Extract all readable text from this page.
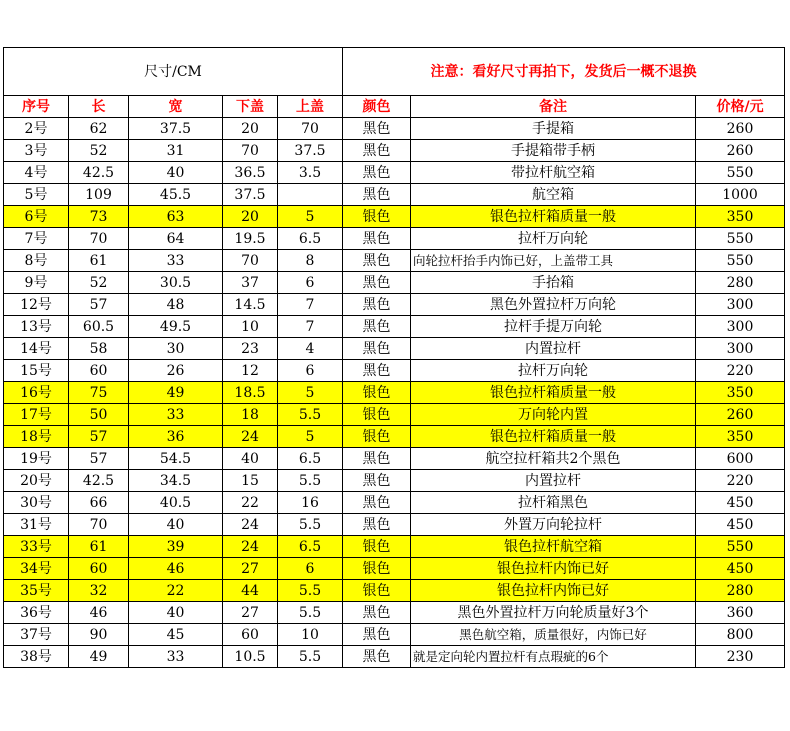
尺寸/CM					注意：看好尺寸再拍下，发货后一概不退换		
序号	长	宽	下盖	上盖	颜色	备注	价格/元
2号	62	37.5	20	70	黑色	手提箱	260
3号	52	31	70	37.5	黑色	手提箱带手柄	260
4号	42.5	40	36.5	3.5	黑色	带拉杆航空箱	550
5号	109	45.5	37.5		黑色	航空箱	1000
6号	73	63	20	5	银色	银色拉杆箱质量一般	350
7号	70	64	19.5	6.5	黑色	拉杆万向轮	550
8号	61	33	70	8	黑色	向轮拉杆抬手内饰已好，上盖带工具	550
9号	52	30.5	37	6	黑色	手抬箱	280
12号	57	48	14.5	7	黑色	黑色外置拉杆万向轮	300
13号	60.5	49.5	10	7	黑色	拉杆手提万向轮	300
14号	58	30	23	4	黑色	内置拉杆	300
15号	60	26	12	6	黑色	拉杆万向轮	220
16号	75	49	18.5	5	银色	银色拉杆箱质量一般	350
17号	50	33	18	5.5	银色	万向轮内置	260
18号	57	36	24	5	银色	银色拉杆箱质量一般	350
19号	57	54.5	40	6.5	黑色	航空拉杆箱共2个黑色	600
20号	42.5	34.5	15	5.5	黑色	内置拉杆	220
30号	66	40.5	22	16	黑色	拉杆箱黑色	450
31号	70	40	24	5.5	黑色	外置万向轮拉杆	450
33号	61	39	24	6.5	银色	银色拉杆航空箱	550
34号	60	46	27	6	银色	银色拉杆内饰已好	450
35号	32	22	44	5.5	银色	银色拉杆内饰已好	280
36号	46	40	27	5.5	黑色	黑色外置拉杆万向轮质量好3个	360
37号	90	45	60	10	黑色	黑色航空箱，质量很好，内饰已好	800
38号	49	33	10.5	5.5	黑色	就是定向轮内置拉杆有点瑕疵的6个	230
